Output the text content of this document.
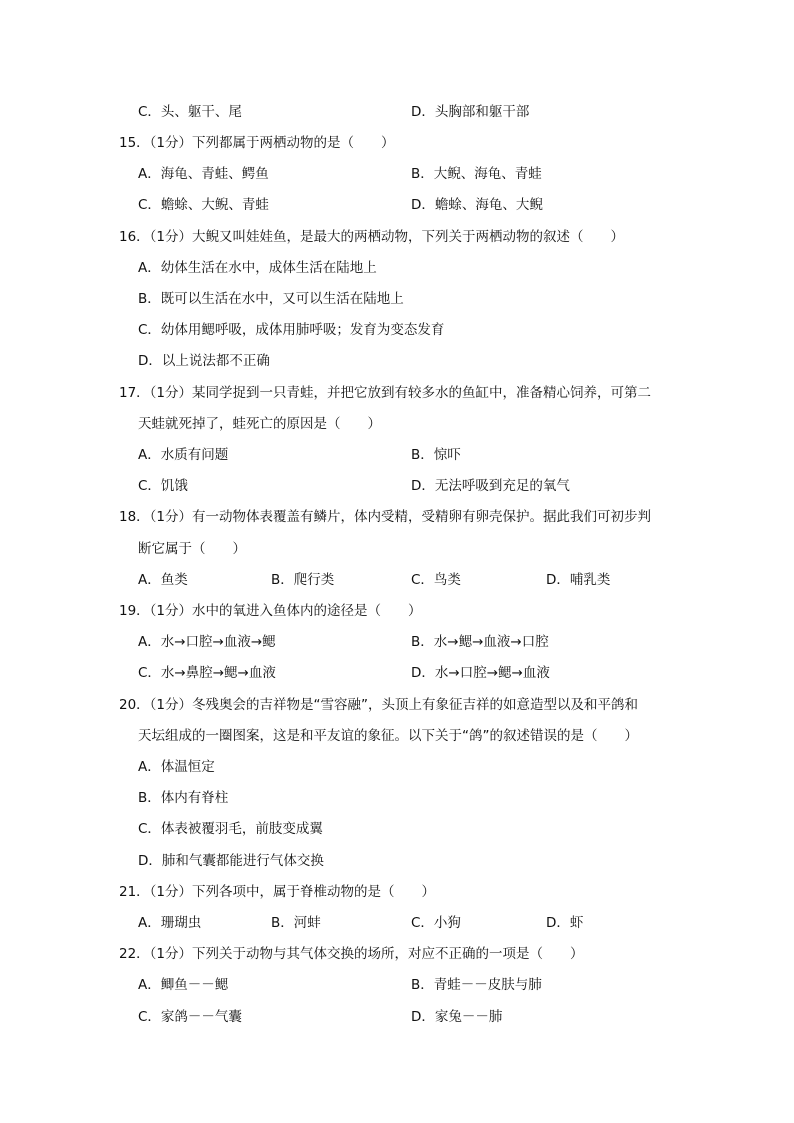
C．头、躯干、尾	D．头胸部和躯干部
15．（1分）下列都属于两栖动物的是（　　）
A．海龟、青蛙、鳄鱼	B．大鲵、海龟、青蛙
C．蟾蜍、大鲵、青蛙	D．蟾蜍、海龟、大鲵
16．（1分）大鲵又叫娃娃鱼，是最大的两栖动物，下列关于两栖动物的叙述（　　）
A．幼体生活在水中，成体生活在陆地上
B．既可以生活在水中，又可以生活在陆地上
C．幼体用鳃呼吸，成体用肺呼吸；发育为变态发育
D．以上说法都不正确
17．（1分）某同学捉到一只青蛙，并把它放到有较多水的鱼缸中，准备精心饲养，可第二
天蛙就死掉了，蛙死亡的原因是（　　）
A．水质有问题	B．惊吓
C．饥饿	D．无法呼吸到充足的氧气
18．（1分）有一动物体表覆盖有鳞片，体内受精，受精卵有卵壳保护。据此我们可初步判
断它属于（　　）
A．鱼类	B．爬行类	C．鸟类	D．哺乳类
19．（1分）水中的氧进入鱼体内的途径是（　　）
A．水→口腔→血液→鳃	B．水→鳃→血液→口腔
C．水→鼻腔→鳃→血液	D．水→口腔→鳃→血液
20．（1分）冬残奥会的吉祥物是“雪容融”，头顶上有象征吉祥的如意造型以及和平鸽和
天坛组成的一圈图案，这是和平友谊的象征。以下关于“鸽”的叙述错误的是（　　）
A．体温恒定
B．体内有脊柱
C．体表被覆羽毛，前肢变成翼
D．肺和气囊都能进行气体交换
21．（1分）下列各项中，属于脊椎动物的是（　　）
A．珊瑚虫	B．河蚌	C．小狗	D．虾
22．（1分）下列关于动物与其气体交换的场所，对应不正确的一项是（　　）
A．鲫鱼－－鳃	B．青蛙－－皮肤与肺
C．家鸽－－气囊	D．家兔－－肺
